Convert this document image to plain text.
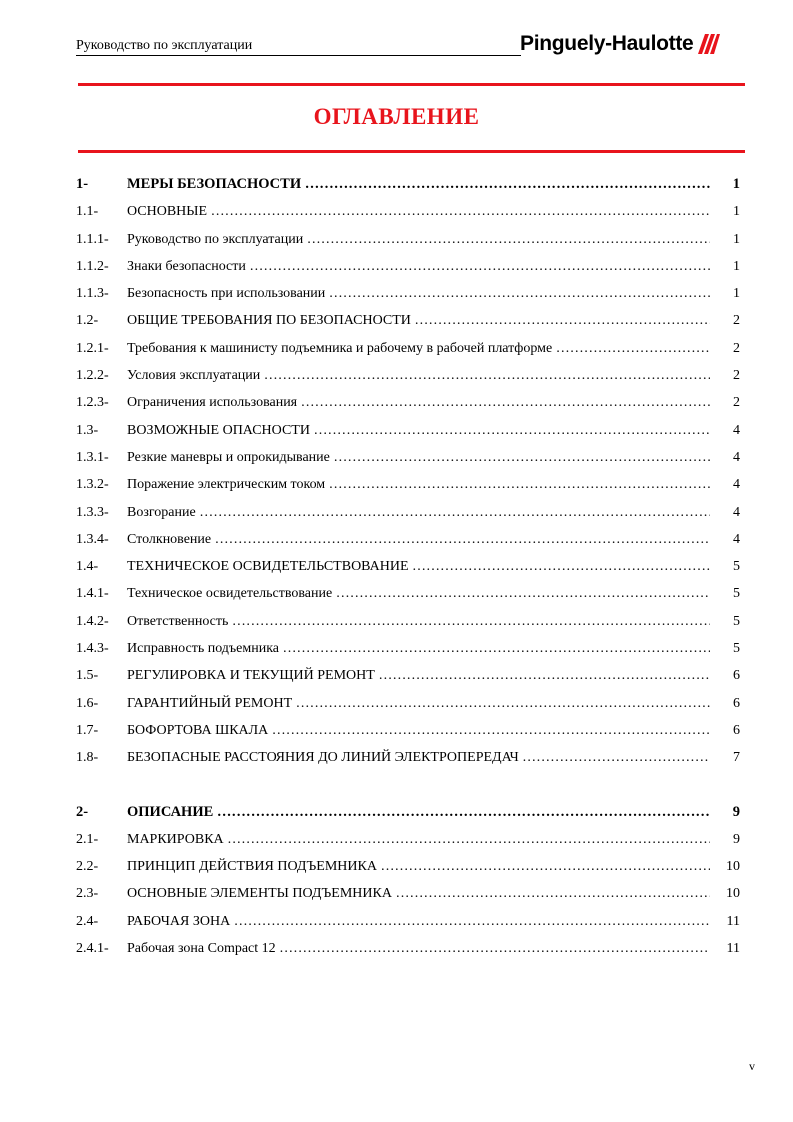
Руководство по эксплуатации	Pinguely-Haulotte
ОГЛАВЛЕНИЕ
1-	МЕРЫ БЕЗОПАСНОСТИ ……………………………………………………………………………………………………………………………………………………………	1
1.1- ОСНОВНЫЕ ……………………………………………………………………………………………………………………………………………………………	1
1.1.1- Руководство по эксплуатации ……………………………………………………………………………………………………………………………………………………………	1
1.1.2- Знаки безопасности ……………………………………………………………………………………………………………………………………………………………	1
1.1.3- Безопасность при использовании ……………………………………………………………………………………………………………………………………………………………	1
1.2- ОБЩИЕ ТРЕБОВАНИЯ ПО БЕЗОПАСНОСТИ ……………………………………………………………………………………………………………………………………………………………	2
1.2.1- Требования к машинисту подъемника и рабочему в рабочей платформе ……………………………………………………………………………………………………………………………………………………………	2
1.2.2- Условия эксплуатации ……………………………………………………………………………………………………………………………………………………………	2
1.2.3- Ограничения использования ……………………………………………………………………………………………………………………………………………………………	2
1.3- ВОЗМОЖНЫЕ ОПАСНОСТИ ……………………………………………………………………………………………………………………………………………………………	4
1.3.1- Резкие маневры и опрокидывание ……………………………………………………………………………………………………………………………………………………………	4
1.3.2- Поражение электрическим током ……………………………………………………………………………………………………………………………………………………………	4
1.3.3- Возгорание ……………………………………………………………………………………………………………………………………………………………	4
1.3.4- Столкновение ……………………………………………………………………………………………………………………………………………………………	4
1.4- ТЕХНИЧЕСКОЕ ОСВИДЕТЕЛЬСТВОВАНИЕ ……………………………………………………………………………………………………………………………………………………………	5
1.4.1- Техническое освидетельствование ……………………………………………………………………………………………………………………………………………………………	5
1.4.2- Ответственность ……………………………………………………………………………………………………………………………………………………………	5
1.4.3- Исправность подъемника ……………………………………………………………………………………………………………………………………………………………	5
1.5- РЕГУЛИРОВКА И ТЕКУЩИЙ РЕМОНТ ……………………………………………………………………………………………………………………………………………………………	6
1.6- ГАРАНТИЙНЫЙ РЕМОНТ ……………………………………………………………………………………………………………………………………………………………	6
1.7- БОФОРТОВА ШКАЛА ……………………………………………………………………………………………………………………………………………………………	6
1.8- БЕЗОПАСНЫЕ РАССТОЯНИЯ ДО ЛИНИЙ ЭЛЕКТРОПЕРЕДАЧ ……………………………………………………………………………………………………………………………………………………………	7
2-	ОПИСАНИЕ ……………………………………………………………………………………………………………………………………………………………	9
2.1- МАРКИРОВКА ……………………………………………………………………………………………………………………………………………………………	9
2.2- ПРИНЦИП ДЕЙСТВИЯ ПОДЪЕМНИКА ……………………………………………………………………………………………………………………………………………………………	10
2.3- ОСНОВНЫЕ ЭЛЕМЕНТЫ ПОДЪЕМНИКА ……………………………………………………………………………………………………………………………………………………………	10
2.4- РАБОЧАЯ ЗОНА ……………………………………………………………………………………………………………………………………………………………	11
2.4.1- Рабочая зона Compact 12 ……………………………………………………………………………………………………………………………………………………………	11
v
